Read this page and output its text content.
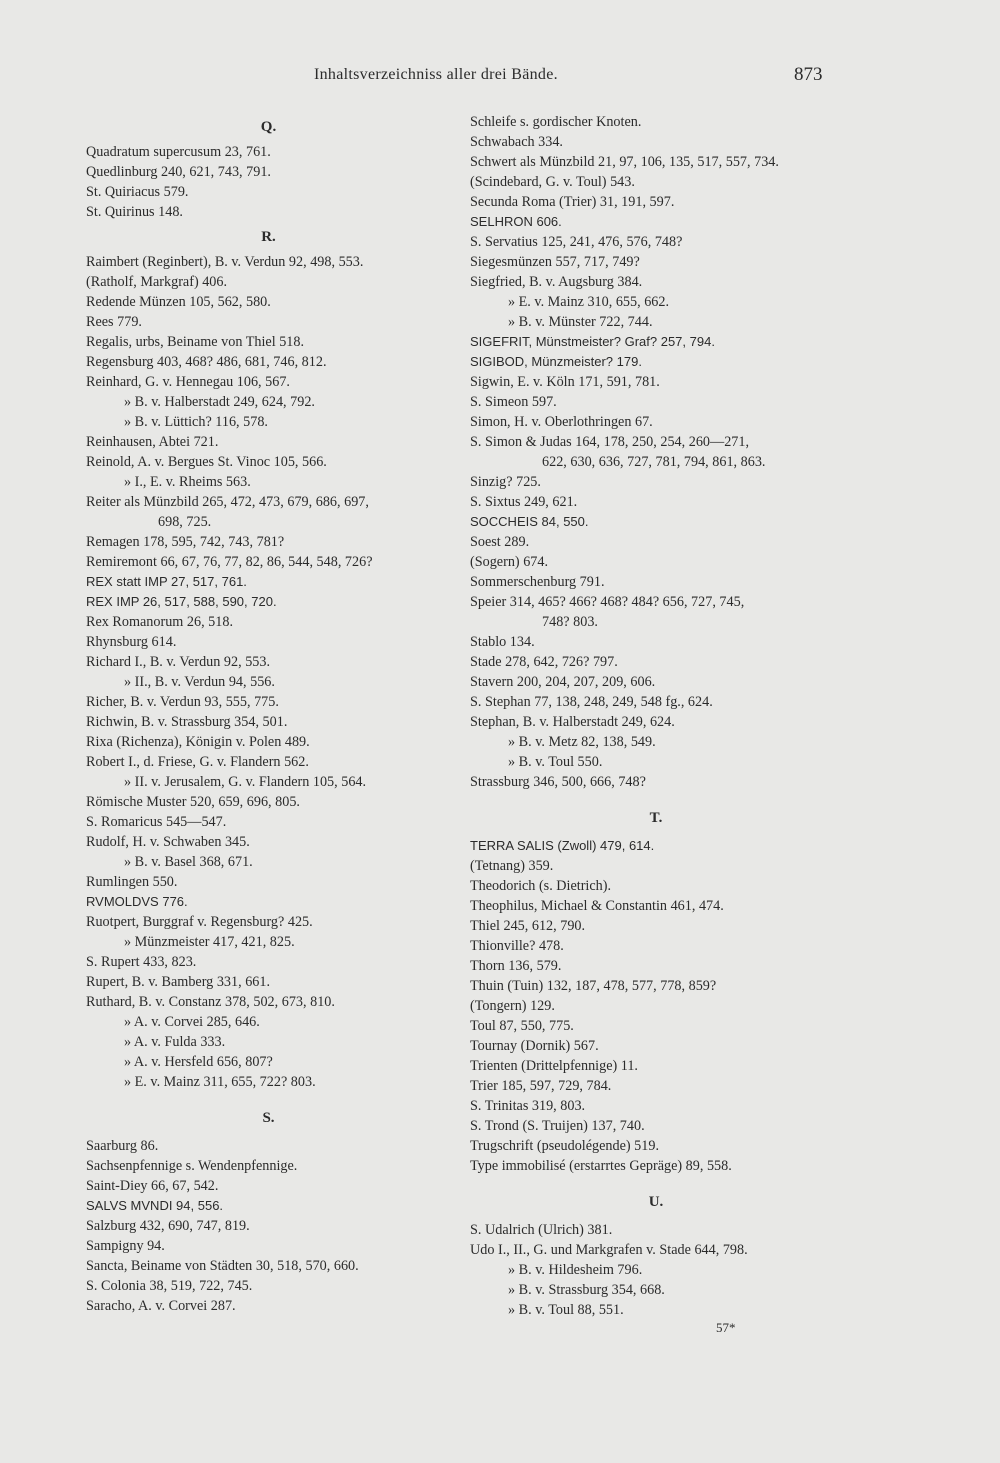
Inhaltsverzeichniss aller drei Bände.	873
Q.
Quadratum supercusum 23, 761.
Quedlinburg 240, 621, 743, 791.
St. Quiriacus 579.
St. Quirinus 148.
R.
Raimbert (Reginbert), B. v. Verdun 92, 498, 553.
(Ratholf, Markgraf) 406.
Redende Münzen 105, 562, 580.
Rees 779.
Regalis, urbs, Beiname von Thiel 518.
Regensburg 403, 468? 486, 681, 746, 812.
Reinhard, G. v. Hennegau 106, 567.
» B. v. Halberstadt 249, 624, 792.
» B. v. Lüttich? 116, 578.
Reinhausen, Abtei 721.
Reinold, A. v. Bergues St. Vinoc 105, 566.
» I., E. v. Rheims 563.
Reiter als Münzbild 265, 472, 473, 679, 686, 697,
698, 725.
Remagen 178, 595, 742, 743, 781?
Remiremont 66, 67, 76, 77, 82, 86, 544, 548, 726?
REX statt IMP 27, 517, 761.
REX IMP 26, 517, 588, 590, 720.
Rex Romanorum 26, 518.
Rhynsburg 614.
Richard I., B. v. Verdun 92, 553.
» II., B. v. Verdun 94, 556.
Richer, B. v. Verdun 93, 555, 775.
Richwin, B. v. Strassburg 354, 501.
Rixa (Richenza), Königin v. Polen 489.
Robert I., d. Friese, G. v. Flandern 562.
» II. v. Jerusalem, G. v. Flandern 105, 564.
Römische Muster 520, 659, 696, 805.
S. Romaricus 545—547.
Rudolf, H. v. Schwaben 345.
» B. v. Basel 368, 671.
Rumlingen 550.
RVMOLDVS 776.
Ruotpert, Burggraf v. Regensburg? 425.
» Münzmeister 417, 421, 825.
S. Rupert 433, 823.
Rupert, B. v. Bamberg 331, 661.
Ruthard, B. v. Constanz 378, 502, 673, 810.
» A. v. Corvei 285, 646.
» A. v. Fulda 333.
» A. v. Hersfeld 656, 807?
» E. v. Mainz 311, 655, 722? 803.
S.
Saarburg 86.
Sachsenpfennige s. Wendenpfennige.
Saint-Diey 66, 67, 542.
SALVS MVNDI 94, 556.
Salzburg 432, 690, 747, 819.
Sampigny 94.
Sancta, Beiname von Städten 30, 518, 570, 660.
S. Colonia 38, 519, 722, 745.
Saracho, A. v. Corvei 287.
Schleife s. gordischer Knoten.
Schwabach 334.
Schwert als Münzbild 21, 97, 106, 135, 517, 557, 734.
(Scindebard, G. v. Toul) 543.
Secunda Roma (Trier) 31, 191, 597.
SELHRON 606.
S. Servatius 125, 241, 476, 576, 748?
Siegesmünzen 557, 717, 749?
Siegfried, B. v. Augsburg 384.
» E. v. Mainz 310, 655, 662.
» B. v. Münster 722, 744.
SIGEFRIT, Münstmeister? Graf? 257, 794.
SIGIBOD, Münzmeister? 179.
Sigwin, E. v. Köln 171, 591, 781.
S. Simeon 597.
Simon, H. v. Oberlothringen 67.
S. Simon & Judas 164, 178, 250, 254, 260—271,
622, 630, 636, 727, 781, 794, 861, 863.
Sinzig? 725.
S. Sixtus 249, 621.
SOCCHEIS 84, 550.
Soest 289.
(Sogern) 674.
Sommerschenburg 791.
Speier 314, 465? 466? 468? 484? 656, 727, 745,
748? 803.
Stablo 134.
Stade 278, 642, 726? 797.
Stavern 200, 204, 207, 209, 606.
S. Stephan 77, 138, 248, 249, 548 fg., 624.
Stephan, B. v. Halberstadt 249, 624.
» B. v. Metz 82, 138, 549.
» B. v. Toul 550.
Strassburg 346, 500, 666, 748?
T.
TERRA SALIS (Zwoll) 479, 614.
(Tetnang) 359.
Theodorich (s. Dietrich).
Theophilus, Michael & Constantin 461, 474.
Thiel 245, 612, 790.
Thionville? 478.
Thorn 136, 579.
Thuin (Tuin) 132, 187, 478, 577, 778, 859?
(Tongern) 129.
Toul 87, 550, 775.
Tournay (Dornik) 567.
Trienten (Drittelpfennige) 11.
Trier 185, 597, 729, 784.
S. Trinitas 319, 803.
S. Trond (S. Truijen) 137, 740.
Trugschrift (pseudolégende) 519.
Type immobilisé (erstarrtes Gepräge) 89, 558.
U.
S. Udalrich (Ulrich) 381.
Udo I., II., G. und Markgrafen v. Stade 644, 798.
» B. v. Hildesheim 796.
» B. v. Strassburg 354, 668.
» B. v. Toul 88, 551.
57*
